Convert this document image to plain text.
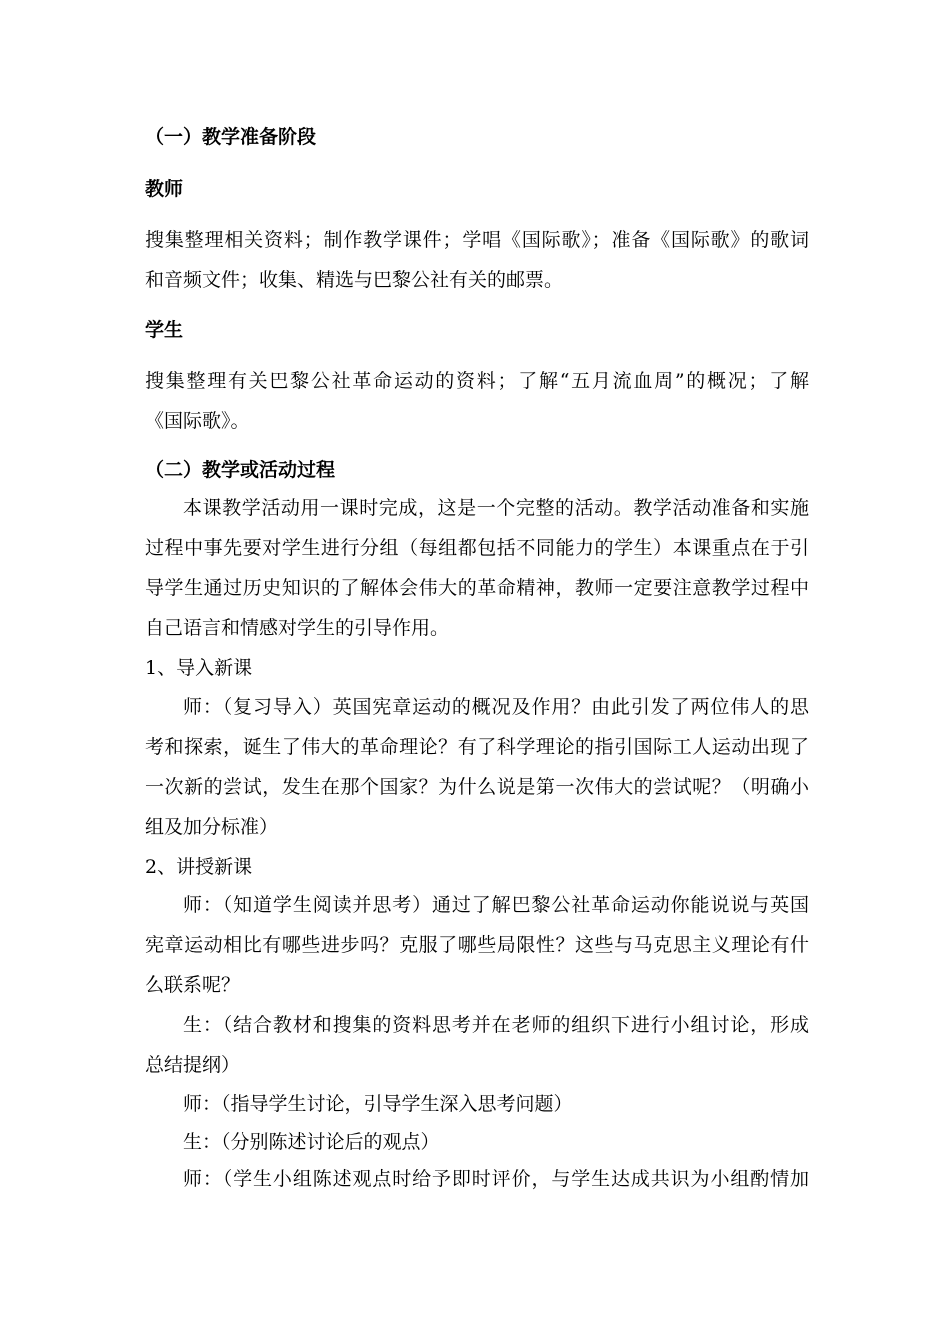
（一）教学准备阶段
教师
搜集整理相关资料；制作教学课件；学唱《国际歌》；准备《国际歌》的歌词
和音频文件；收集、精选与巴黎公社有关的邮票。
学生
搜集整理有关巴黎公社革命运动的资料；了解“五月流血周”的概况；了解
《国际歌》。
（二）教学或活动过程
本课教学活动用一课时完成，这是一个完整的活动。教学活动准备和实施
过程中事先要对学生进行分组（每组都包括不同能力的学生）本课重点在于引
导学生通过历史知识的了解体会伟大的革命精神，教师一定要注意教学过程中
自己语言和情感对学生的引导作用。
1、导入新课
师：（复习导入）英国宪章运动的概况及作用？由此引发了两位伟人的思
考和探索，诞生了伟大的革命理论？有了科学理论的指引国际工人运动出现了
一次新的尝试，发生在那个国家？为什么说是第一次伟大的尝试呢？（明确小
组及加分标准）
2、讲授新课
师：（知道学生阅读并思考）通过了解巴黎公社革命运动你能说说与英国
宪章运动相比有哪些进步吗？克服了哪些局限性？这些与马克思主义理论有什
么联系呢？
生：（结合教材和搜集的资料思考并在老师的组织下进行小组讨论，形成
总结提纲）
师：（指导学生讨论，引导学生深入思考问题）
生：（分别陈述讨论后的观点）
师：（学生小组陈述观点时给予即时评价，与学生达成共识为小组酌情加
